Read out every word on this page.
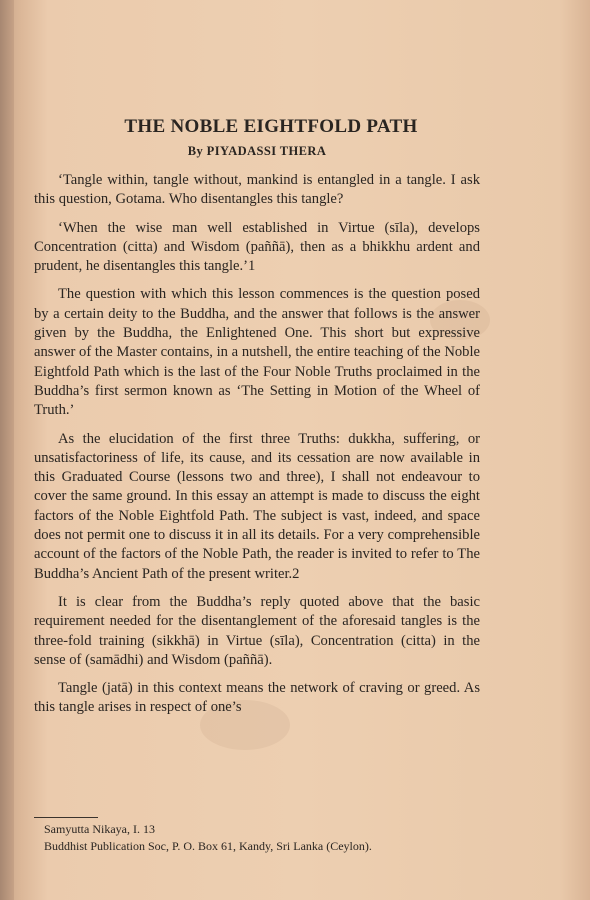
THE NOBLE EIGHTFOLD PATH
By PIYADASSI THERA

‘Tangle within, tangle without, mankind is entangled in a tangle. I ask this question, Gotama. Who disentangles this tangle?

‘When the wise man well established in Virtue (sīla), develops Concentration (citta) and Wisdom (paññā), then as a bhikkhu ardent and prudent, he disentangles this tangle.’1

The question with which this lesson commences is the question posed by a certain deity to the Buddha, and the answer that follows is the answer given by the Buddha, the Enlightened One. This short but expressive answer of the Master contains, in a nutshell, the entire teaching of the Noble Eightfold Path which is the last of the Four Noble Truths proclaimed in the Buddha’s first sermon known as ‘The Setting in Motion of the Wheel of Truth.’

As the elucidation of the first three Truths: dukkha, suffering, or unsatisfactoriness of life, its cause, and its cessation are now available in this Graduated Course (lessons two and three), I shall not endeavour to cover the same ground. In this essay an attempt is made to discuss the eight factors of the Noble Eightfold Path. The subject is vast, indeed, and space does not permit one to discuss it in all its details. For a very comprehensible account of the factors of the Noble Path, the reader is invited to refer to The Buddha’s Ancient Path of the present writer.2

It is clear from the Buddha’s reply quoted above that the basic requirement needed for the disentanglement of the aforesaid tangles is the three-fold training (sikkhā) in Virtue (sīla), Concentration (citta) in the sense of (samādhi) and Wisdom (paññā).

Tangle (jatā) in this context means the network of craving or greed. As this tangle arises in respect of one’s

Samyutta Nikaya, I. 13
Buddhist Publication Soc, P. O. Box 61, Kandy, Sri Lanka (Ceylon).
